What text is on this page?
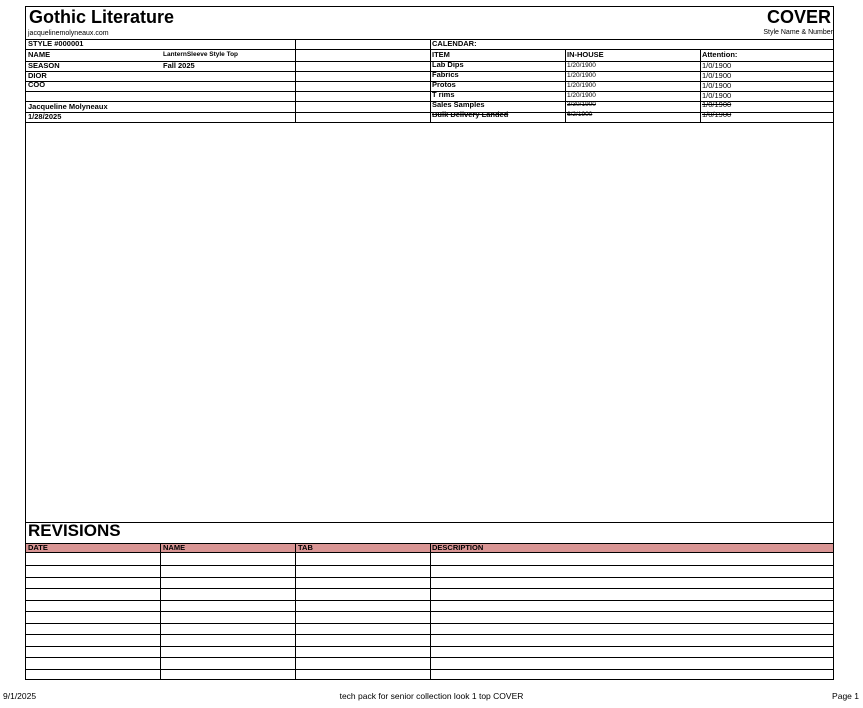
Gothic Literature	COVER
jacquelinemolyneaux.com	Style Name & Number
STYLE #000001
NAME	LanternSleeve Style Top
SEASON	Fall 2025
DIOR
COO
Jacqueline Molyneaux
1/28/2025
CALENDAR:
ITEM	IN-HOUSE	Attention:
Lab Dips	1/20/1900	1/0/1900
Fabrics	1/20/1900	1/0/1900
Protos	1/20/1900	1/0/1900
T rims	1/20/1900	1/0/1900
Sales Samples	3/30/1900	1/0/1900
Bulk Delivery Landed	6/2/1900	1/0/1900
REVISIONS
DATE	NAME	TAB	DESCRIPTION
9/1/2025	tech pack for senior collection look 1 top COVER	Page 1
